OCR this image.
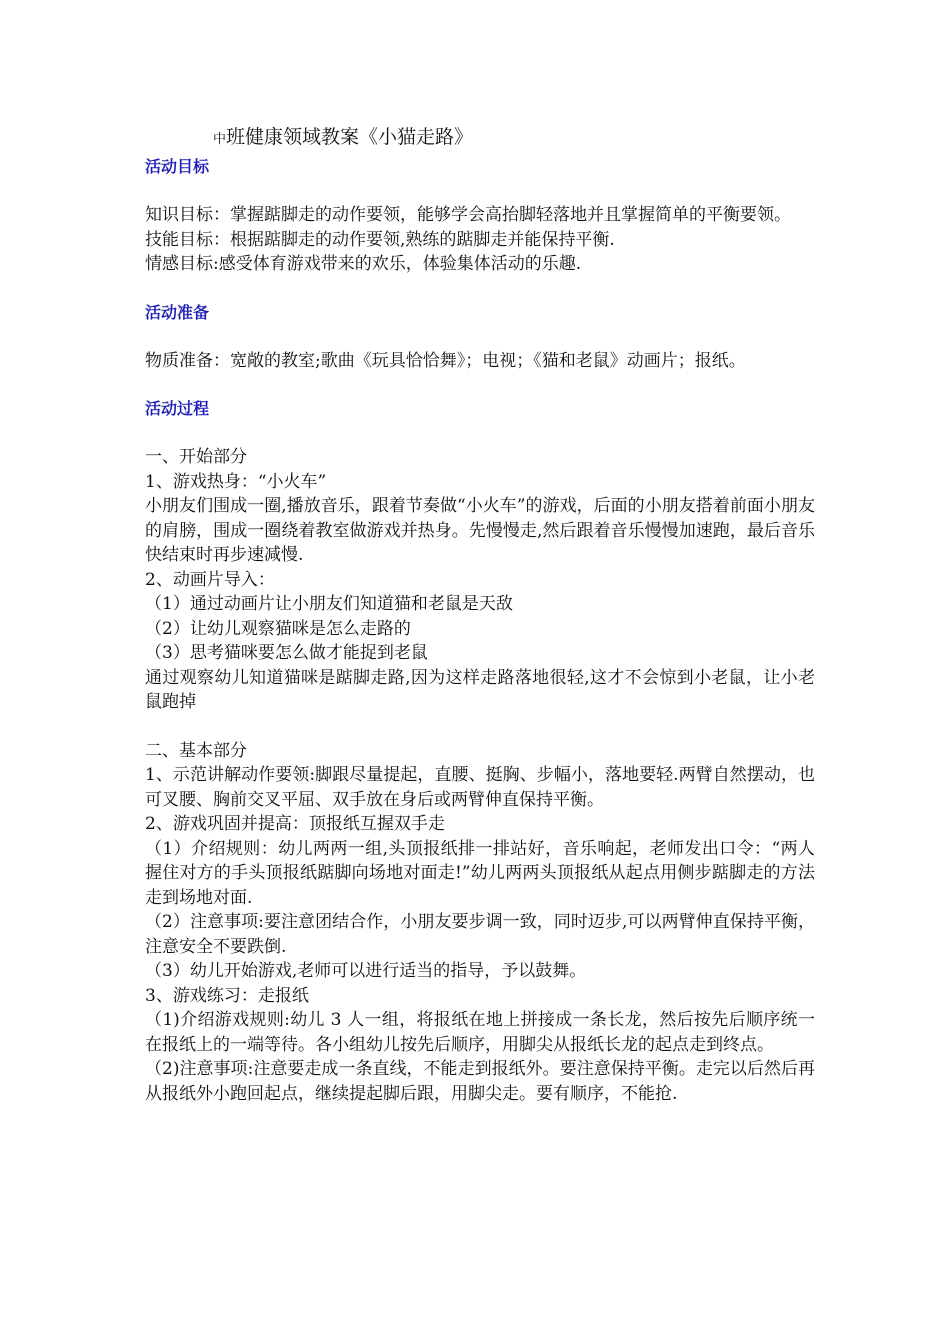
中班健康领域教案《小猫走路》
活动目标

知识目标：掌握踮脚走的动作要领，能够学会高抬脚轻落地并且掌握简单的平衡要领。

技能目标：根据踮脚走的动作要领,熟练的踮脚走并能保持平衡.

情感目标:感受体育游戏带来的欢乐，体验集体活动的乐趣.

活动准备

物质准备：宽敞的教室;歌曲《玩具恰恰舞》；电视；《猫和老鼠》动画片；报纸。

活动过程

一、开始部分

1、游戏热身：“小火车”

小朋友们围成一圈,播放音乐，跟着节奏做“小火车”的游戏，后面的小朋友搭着前面小朋友的肩膀，围成一圈绕着教室做游戏并热身。先慢慢走,然后跟着音乐慢慢加速跑，最后音乐快结束时再步速减慢.

2、动画片导入：

（1）通过动画片让小朋友们知道猫和老鼠是天敌

（2）让幼儿观察猫咪是怎么走路的

（3）思考猫咪要怎么做才能捉到老鼠

通过观察幼儿知道猫咪是踮脚走路,因为这样走路落地很轻,这才不会惊到小老鼠，让小老鼠跑掉

二、基本部分

1、示范讲解动作要领:脚跟尽量提起，直腰、挺胸、步幅小，落地要轻.两臂自然摆动，也可叉腰、胸前交叉平屈、双手放在身后或两臂伸直保持平衡。

2、游戏巩固并提高：顶报纸互握双手走

（1）介绍规则：幼儿两两一组,头顶报纸排一排站好，音乐响起，老师发出口令：“两人握住对方的手头顶报纸踮脚向场地对面走!”幼儿两两头顶报纸从起点用侧步踮脚走的方法走到场地对面.

（2）注意事项:要注意团结合作，小朋友要步调一致，同时迈步,可以两臂伸直保持平衡，注意安全不要跌倒.

（3）幼儿开始游戏,老师可以进行适当的指导，予以鼓舞。

3、游戏练习：走报纸

（1)介绍游戏规则:幼儿 3 人一组，将报纸在地上拼接成一条长龙，然后按先后顺序统一在报纸上的一端等待。各小组幼儿按先后顺序，用脚尖从报纸长龙的起点走到终点。

（2)注意事项:注意要走成一条直线，不能走到报纸外。要注意保持平衡。走完以后然后再从报纸外小跑回起点，继续提起脚后跟，用脚尖走。要有顺序，不能抢.
